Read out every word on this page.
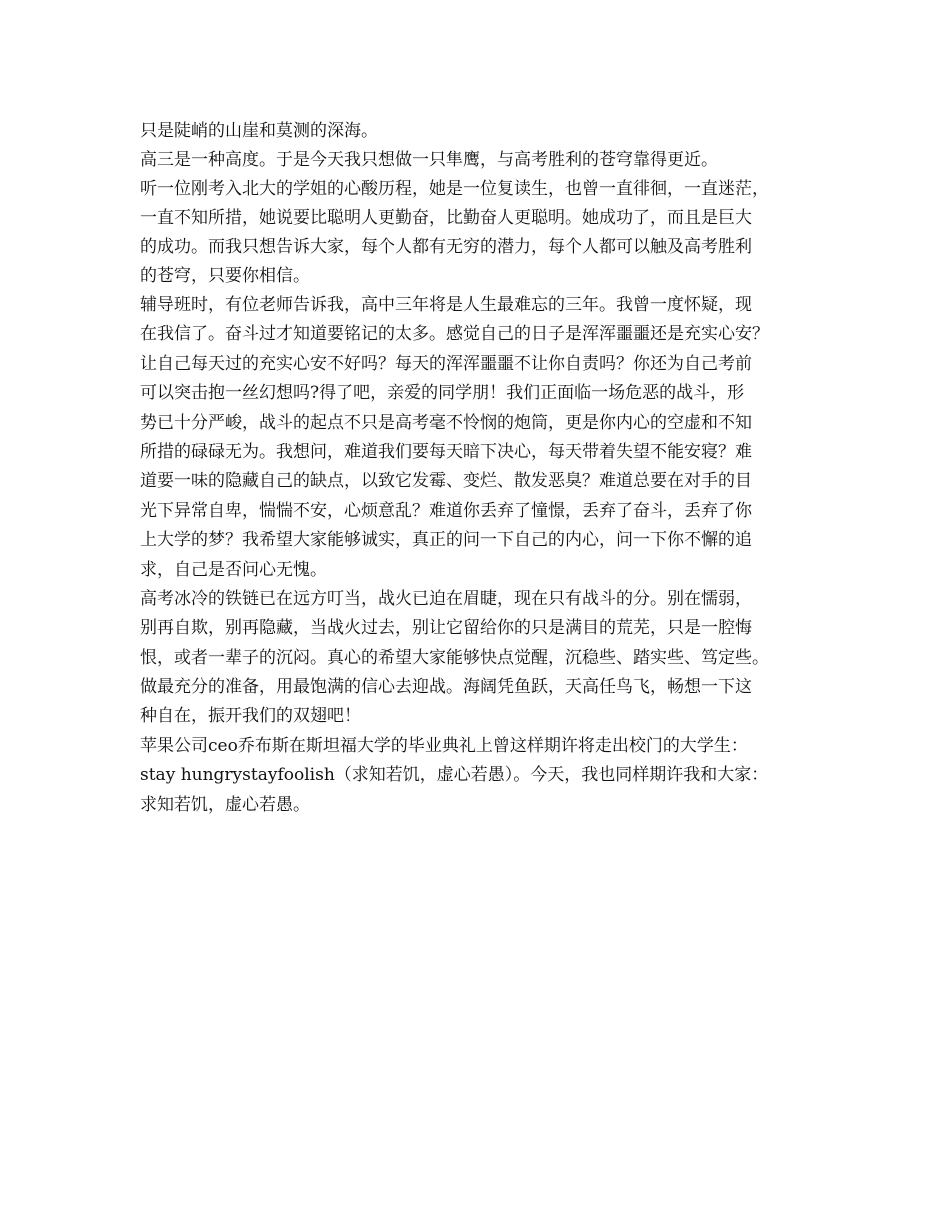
只是陡峭的山崖和莫测的深海。
高三是一种高度。于是今天我只想做一只隼鹰，与高考胜利的苍穹靠得更近。
听一位刚考入北大的学姐的心酸历程，她是一位复读生，也曾一直徘徊，一直迷茫，
一直不知所措，她说要比聪明人更勤奋，比勤奋人更聪明。她成功了，而且是巨大
的成功。而我只想告诉大家，每个人都有无穷的潜力，每个人都可以触及高考胜利
的苍穹，只要你相信。
辅导班时，有位老师告诉我，高中三年将是人生最难忘的三年。我曾一度怀疑，现
在我信了。奋斗过才知道要铭记的太多。感觉自己的日子是浑浑噩噩还是充实心安？
让自己每天过的充实心安不好吗？每天的浑浑噩噩不让你自责吗？你还为自己考前
可以突击抱一丝幻想吗?得了吧，亲爱的同学朋！我们正面临一场危恶的战斗，形
势已十分严峻，战斗的起点不只是高考毫不怜悯的炮筒，更是你内心的空虚和不知
所措的碌碌无为。我想问，难道我们要每天暗下决心，每天带着失望不能安寝？难
道要一味的隐藏自己的缺点，以致它发霉、变烂、散发恶臭？难道总要在对手的目
光下异常自卑，惴惴不安，心烦意乱？难道你丢弃了憧憬，丢弃了奋斗，丢弃了你
上大学的梦？我希望大家能够诚实，真正的问一下自己的内心，问一下你不懈的追
求，自己是否问心无愧。
高考冰冷的铁链已在远方叮当，战火已迫在眉睫，现在只有战斗的分。别在懦弱，
别再自欺，别再隐藏，当战火过去，别让它留给你的只是满目的荒芜，只是一腔悔
恨，或者一辈子的沉闷。真心的希望大家能够快点觉醒，沉稳些、踏实些、笃定些。
做最充分的准备，用最饱满的信心去迎战。海阔凭鱼跃，天高任鸟飞，畅想一下这
种自在，振开我们的双翅吧！
苹果公司ceo乔布斯在斯坦福大学的毕业典礼上曾这样期许将走出校门的大学生：
stay hungrystayfoolish（求知若饥，虚心若愚）。今天，我也同样期许我和大家：
求知若饥，虚心若愚。
